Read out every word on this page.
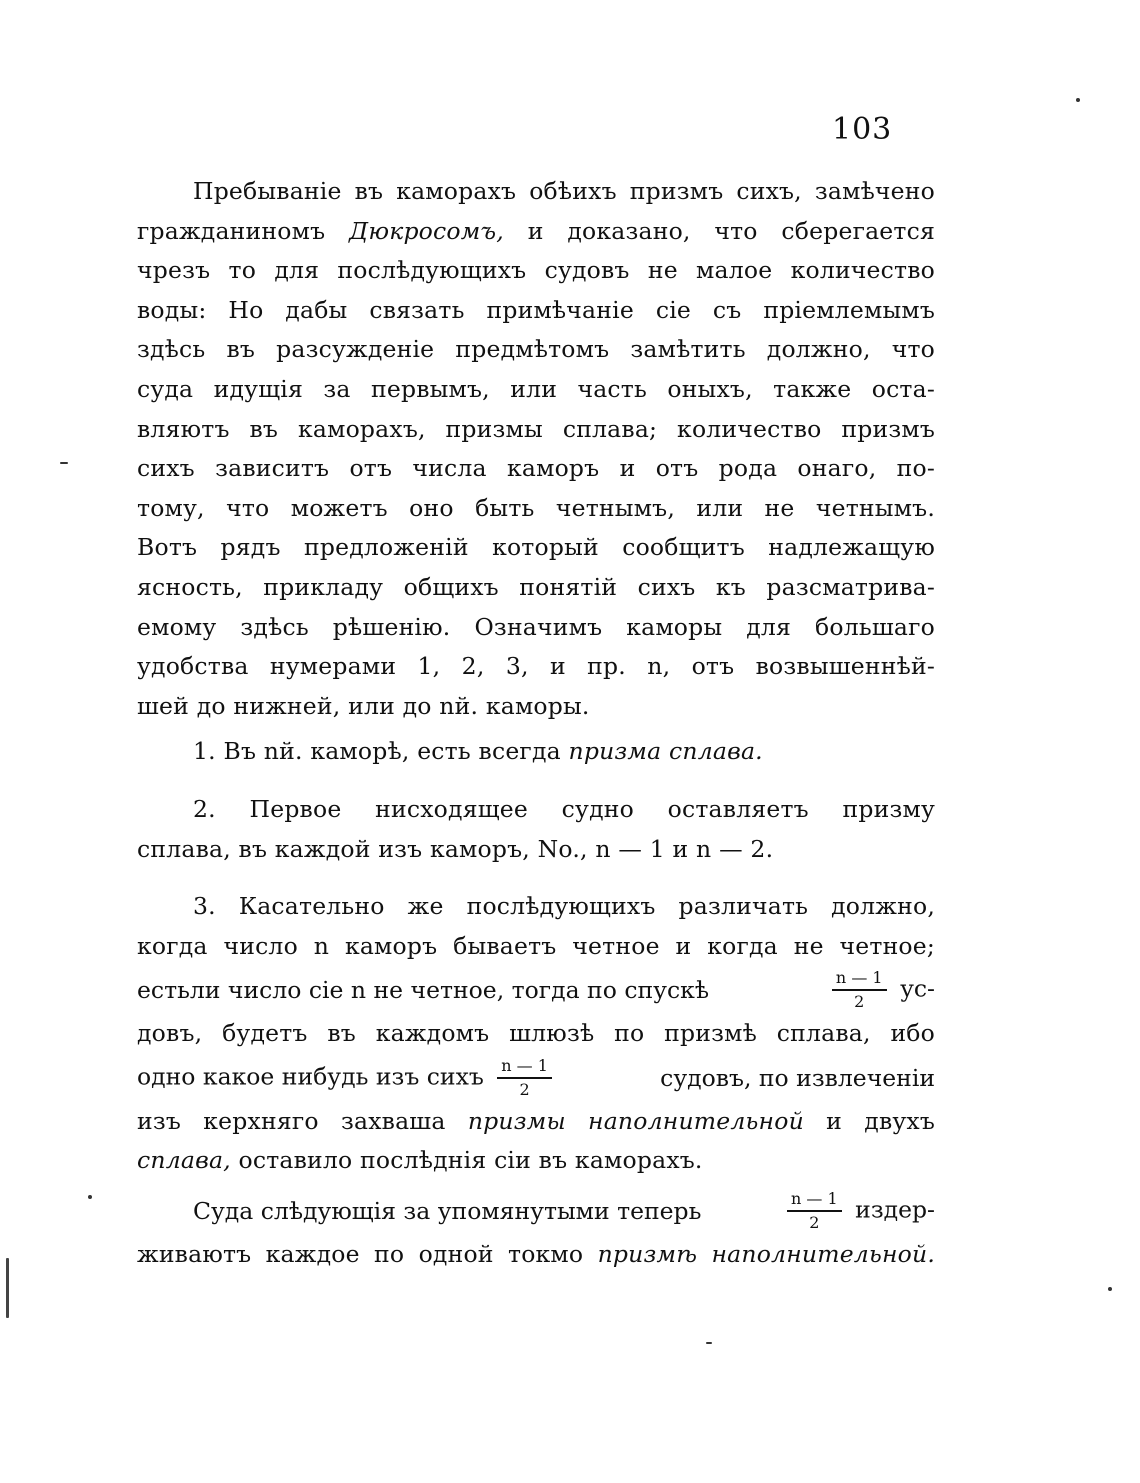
103
Пребываніе въ каморахъ обѣихъ призмъ сихъ, замѣчено
гражданиномъ Дюкросомъ, и доказано, что сберегается
чрезъ то для послѣдующихъ судовъ не малое количество
воды: Но дабы связать примѣчаніе сіе съ пріемлемымъ
здѣсь въ разсужденіе предмѣтомъ замѣтить должно, что
суда идущія за первымъ, или часть оныхъ, также оста-
вляютъ въ каморахъ, призмы сплава; количество призмъ
сихъ зависитъ отъ числа каморъ и отъ рода онаго, по-
тому, что можетъ оно быть четнымъ, или не четнымъ.
Вотъ рядъ предложеній который сообщитъ надлежащую
ясность, прикладу общихъ понятій сихъ къ разсматрива-
емому здѣсь рѣшенію. Означимъ каморы для большаго
удобства нумерами 1, 2, 3, и пр. n, отъ возвышеннѣй-
шей до нижней, или до nй. каморы.
1. Въ nй. каморѣ, есть всегда призма сплава.
2. Первое нисходящее судно оставляетъ призму
сплава, въ каждой изъ каморъ, No., n — 1 и n — 2.
3. Касательно же послѣдующихъ различать должно,
когда число n каморъ бываетъ четное и когда не четное;
естьли число сіе n не четное, тогда по спускѣ	$\frac{n — 1}{2} ус-$
довъ, будетъ въ каждомъ шлюзѣ по призмѣ сплава, ибо
одно какое нибудь изъ сихъ $\frac{n — 1}{2}$	судовъ, по извлеченіи
изъ керхняго захваша призмы наполнительной и двухъ
сплава, оставило послѣднія сіи въ каморахъ.
Суда слѣдующія за упомянутыми теперь	$\frac{n — 1}{2}$ издер-
живаютъ каждое по одной токмо призмѣ наполнительной.
